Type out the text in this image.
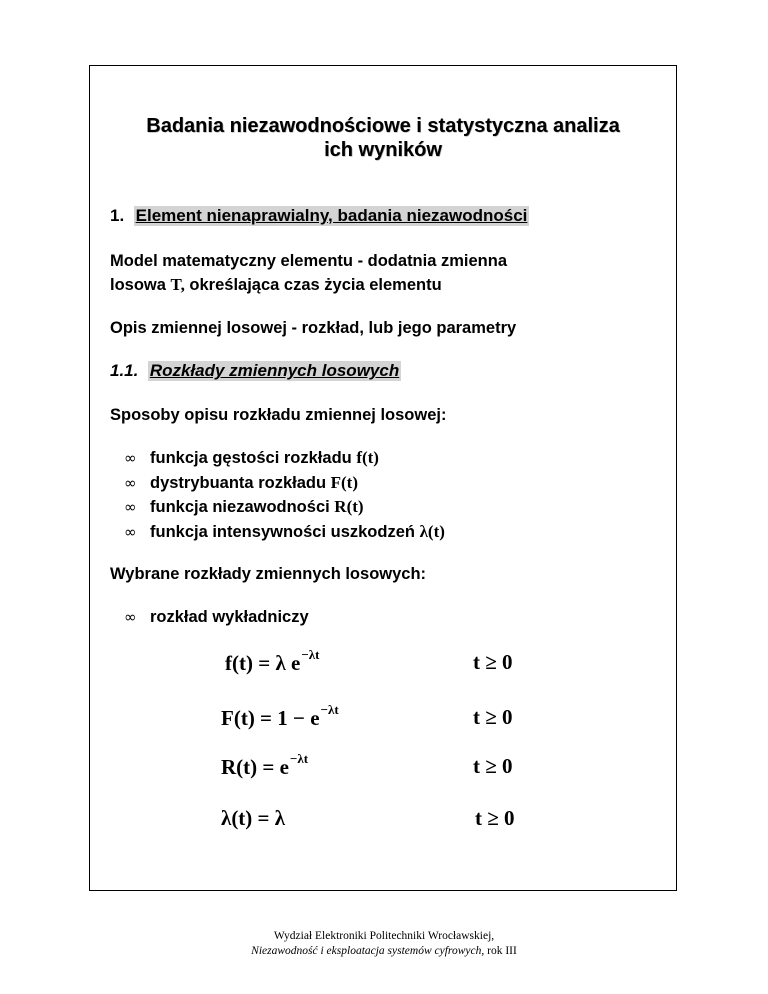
Badania niezawodnościowe i statystyczna analiza
ich wyników
1. Element nienaprawialny, badania niezawodności
Model matematyczny elementu - dodatnia zmienna
losowa T, określająca czas życia elementu
Opis zmiennej losowej - rozkład, lub jego parametry
1.1. Rozkłady zmiennych losowych
Sposoby opisu rozkładu zmiennej losowej:
∞ funkcja gęstości rozkładu f(t)
∞ dystrybuanta rozkładu F(t)
∞ funkcja niezawodności R(t)
∞ funkcja intensywności uszkodzeń λ(t)
Wybrane rozkłady zmiennych losowych:
∞ rozkład wykładniczy
f(t) = λ $e^{-\lambda t}$	t ≥ 0
$F(t) = 1 - e^{-\lambda t}$	t ≥ 0
$R(t) = e^{-\lambda t}$	t ≥ 0
λ(t) = λ	t ≥ 0
Wydział Elektroniki Politechniki Wrocławskiej,
Niezawodność i eksploatacja systemów cyfrowych, rok III
